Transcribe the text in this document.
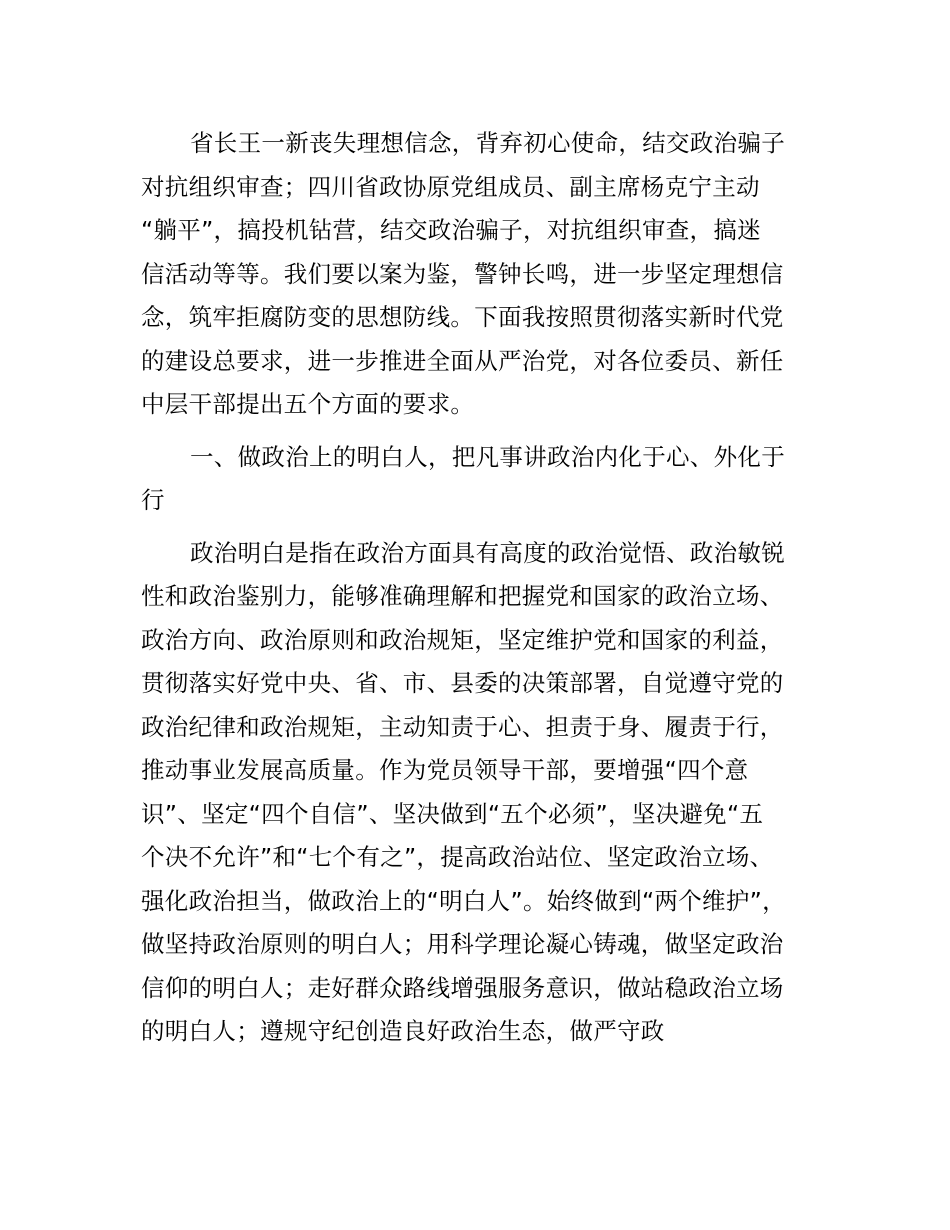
省长王一新丧失理想信念，背弃初心使命，结交政治骗子
对抗组织审查；四川省政协原党组成员、副主席杨克宁主动
“躺平”，搞投机钻营，结交政治骗子，对抗组织审查，搞迷
信活动等等。我们要以案为鉴，警钟长鸣，进一步坚定理想信
念，筑牢拒腐防变的思想防线。下面我按照贯彻落实新时代党
的建设总要求，进一步推进全面从严治党，对各位委员、新任
中层干部提出五个方面的要求。
一、做政治上的明白人，把凡事讲政治内化于心、外化于
行
政治明白是指在政治方面具有高度的政治觉悟、政治敏锐
性和政治鉴别力，能够准确理解和把握党和国家的政治立场、
政治方向、政治原则和政治规矩，坚定维护党和国家的利益，
贯彻落实好党中央、省、市、县委的决策部署，自觉遵守党的
政治纪律和政治规矩，主动知责于心、担责于身、履责于行，
推动事业发展高质量。作为党员领导干部，要增强“四个意
识”、坚定“四个自信”、坚决做到“五个必须”，坚决避免“五
个决不允许”和“七个有之”，提高政治站位、坚定政治立场、
强化政治担当，做政治上的“明白人”。始终做到“两个维护”，
做坚持政治原则的明白人；用科学理论凝心铸魂，做坚定政治
信仰的明白人；走好群众路线增强服务意识，做站稳政治立场
的明白人；遵规守纪创造良好政治生态，做严守政
